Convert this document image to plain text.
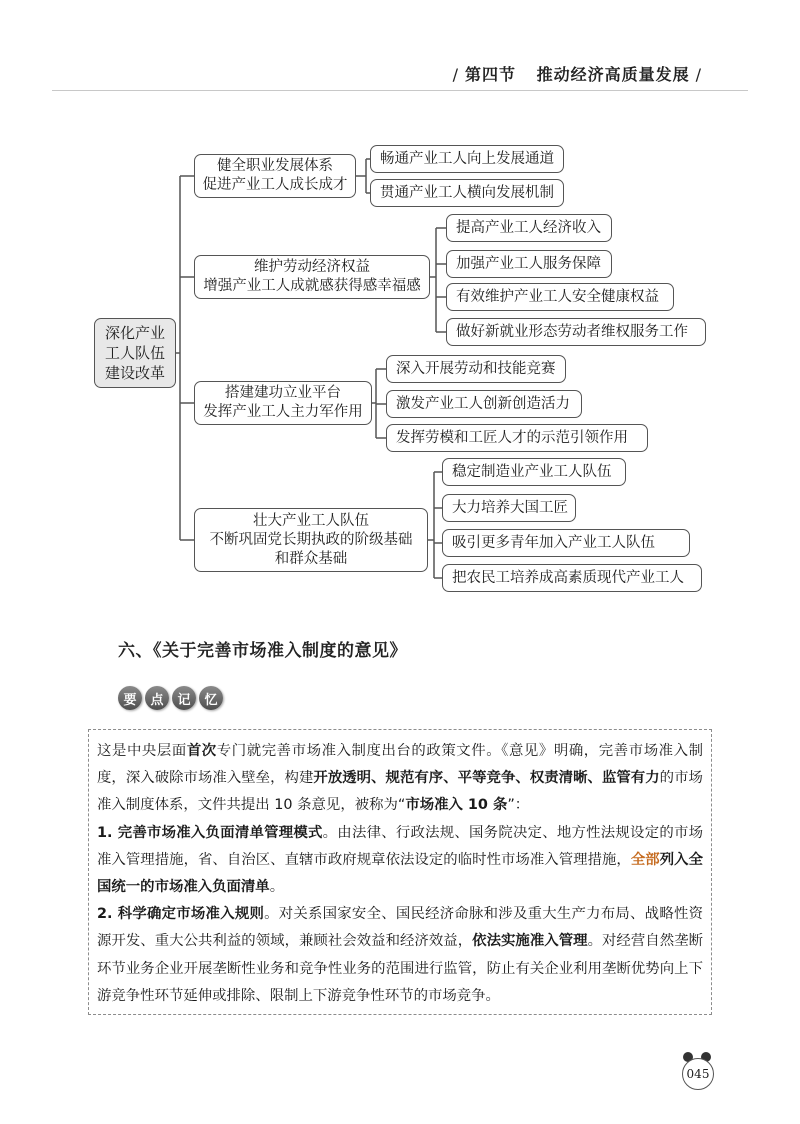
/ 第四节 推动经济高质量发展 /
深化产业
工人队伍
建设改革
健全职业发展体系
促进产业工人成长成才
畅通产业工人向上发展通道
贯通产业工人横向发展机制
维护劳动经济权益
增强产业工人成就感获得感幸福感
提高产业工人经济收入
加强产业工人服务保障
有效维护产业工人安全健康权益
做好新就业形态劳动者维权服务工作
搭建建功立业平台
发挥产业工人主力军作用
深入开展劳动和技能竞赛
激发产业工人创新创造活力
发挥劳模和工匠人才的示范引领作用
壮大产业工人队伍
不断巩固党长期执政的阶级基础
和群众基础
稳定制造业产业工人队伍
大力培养大国工匠
吸引更多青年加入产业工人队伍
把农民工培养成高素质现代产业工人
六、《关于完善市场准入制度的意见》
要	点	记	忆

这是中央层面首次专门就完善市场准入制度出台的政策文件。《意见》明确，完善市场准入制度，深入破除市场准入壁垒，构建开放透明、规范有序、平等竞争、权责清晰、监管有力的市场准入制度体系，文件共提出 10 条意见，被称为“市场准入 10 条”：

1. 完善市场准入负面清单管理模式。由法律、行政法规、国务院决定、地方性法规设定的市场准入管理措施，省、自治区、直辖市政府规章依法设定的临时性市场准入管理措施，全部列入全国统一的市场准入负面清单。

2. 科学确定市场准入规则。对关系国家安全、国民经济命脉和涉及重大生产力布局、战略性资源开发、重大公共利益的领域，兼顾社会效益和经济效益，依法实施准入管理。对经营自然垄断环节业务企业开展垄断性业务和竞争性业务的范围进行监管，防止有关企业利用垄断优势向上下游竞争性环节延伸或排除、限制上下游竞争性环节的市场竞争。

045
